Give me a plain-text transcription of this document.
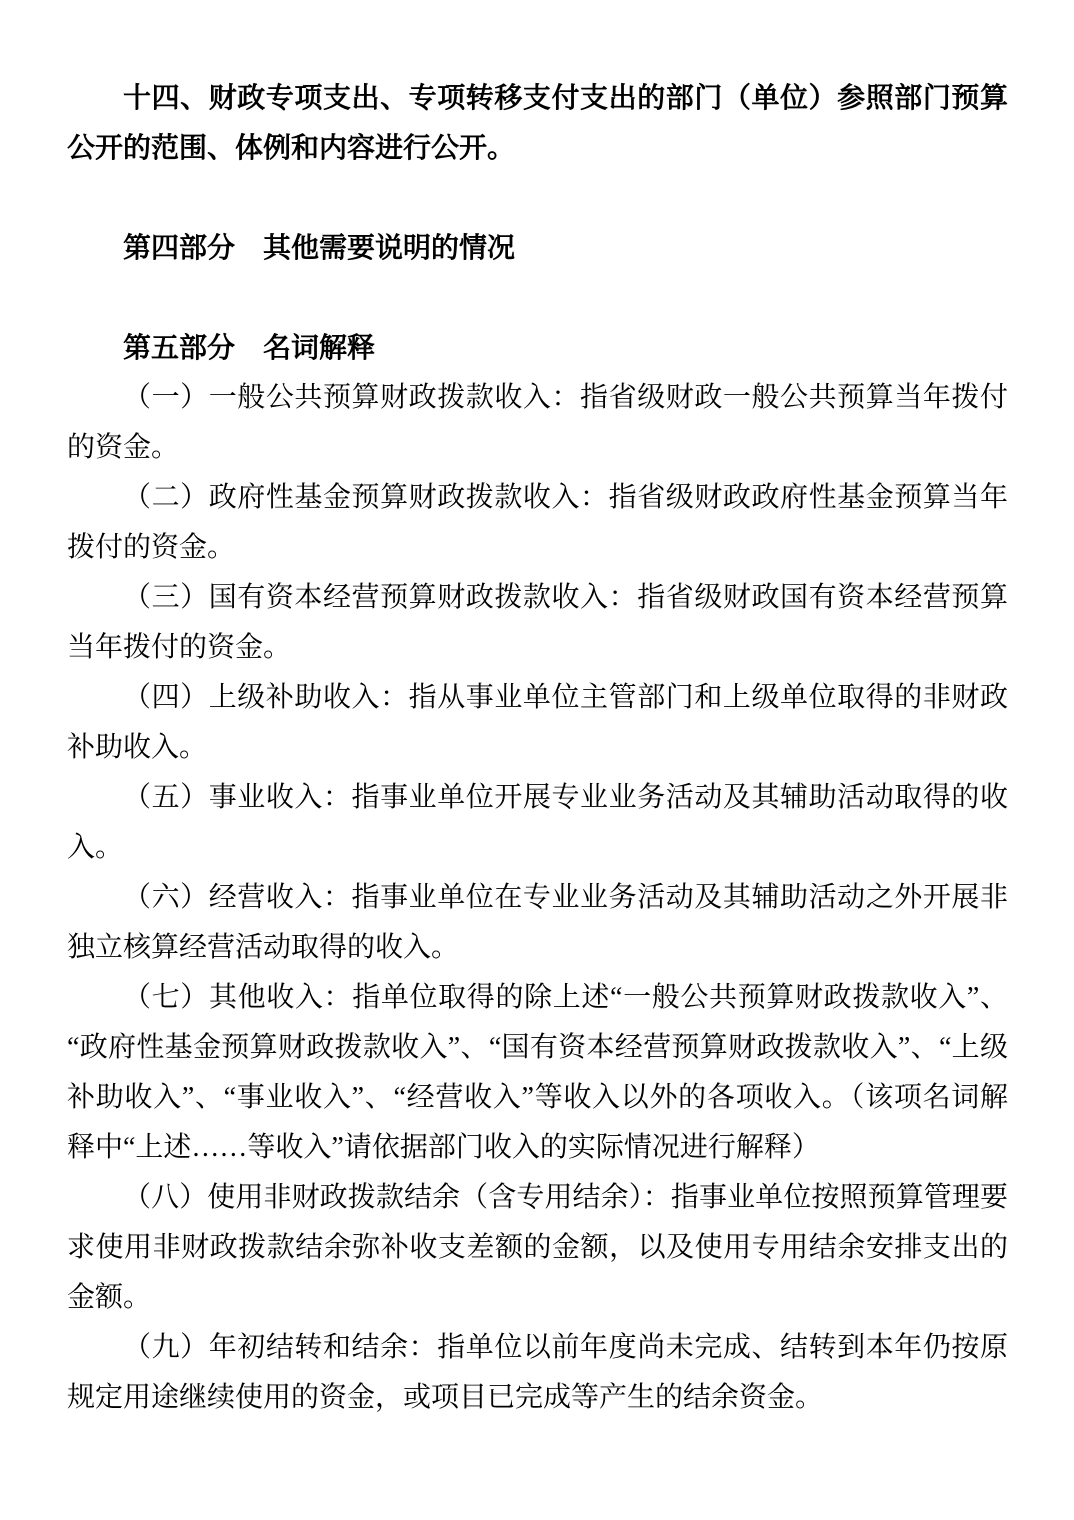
十四、财政专项支出、专项转移支付支出的部门（单位）参照部门预算公开的范围、体例和内容进行公开。

第四部分　其他需要说明的情况
第五部分　名词解释

（一）一般公共预算财政拨款收入：指省级财政一般公共预算当年拨付的资金。

（二）政府性基金预算财政拨款收入：指省级财政政府性基金预算当年拨付的资金。

（三）国有资本经营预算财政拨款收入：指省级财政国有资本经营预算当年拨付的资金。

（四）上级补助收入：指从事业单位主管部门和上级单位取得的非财政补助收入。

（五）事业收入：指事业单位开展专业业务活动及其辅助活动取得的收入。

（六）经营收入：指事业单位在专业业务活动及其辅助活动之外开展非独立核算经营活动取得的收入。

（七）其他收入：指单位取得的除上述“一般公共预算财政拨款收入”、“政府性基金预算财政拨款收入”、“国有资本经营预算财政拨款收入”、“上级补助收入”、“事业收入”、“经营收入”等收入以外的各项收入。（该项名词解释中“上述……等收入”请依据部门收入的实际情况进行解释）

（八）使用非财政拨款结余（含专用结余）：指事业单位按照预算管理要求使用非财政拨款结余弥补收支差额的金额，以及使用专用结余安排支出的金额。

（九）年初结转和结余：指单位以前年度尚未完成、结转到本年仍按原规定用途继续使用的资金，或项目已完成等产生的结余资金。
